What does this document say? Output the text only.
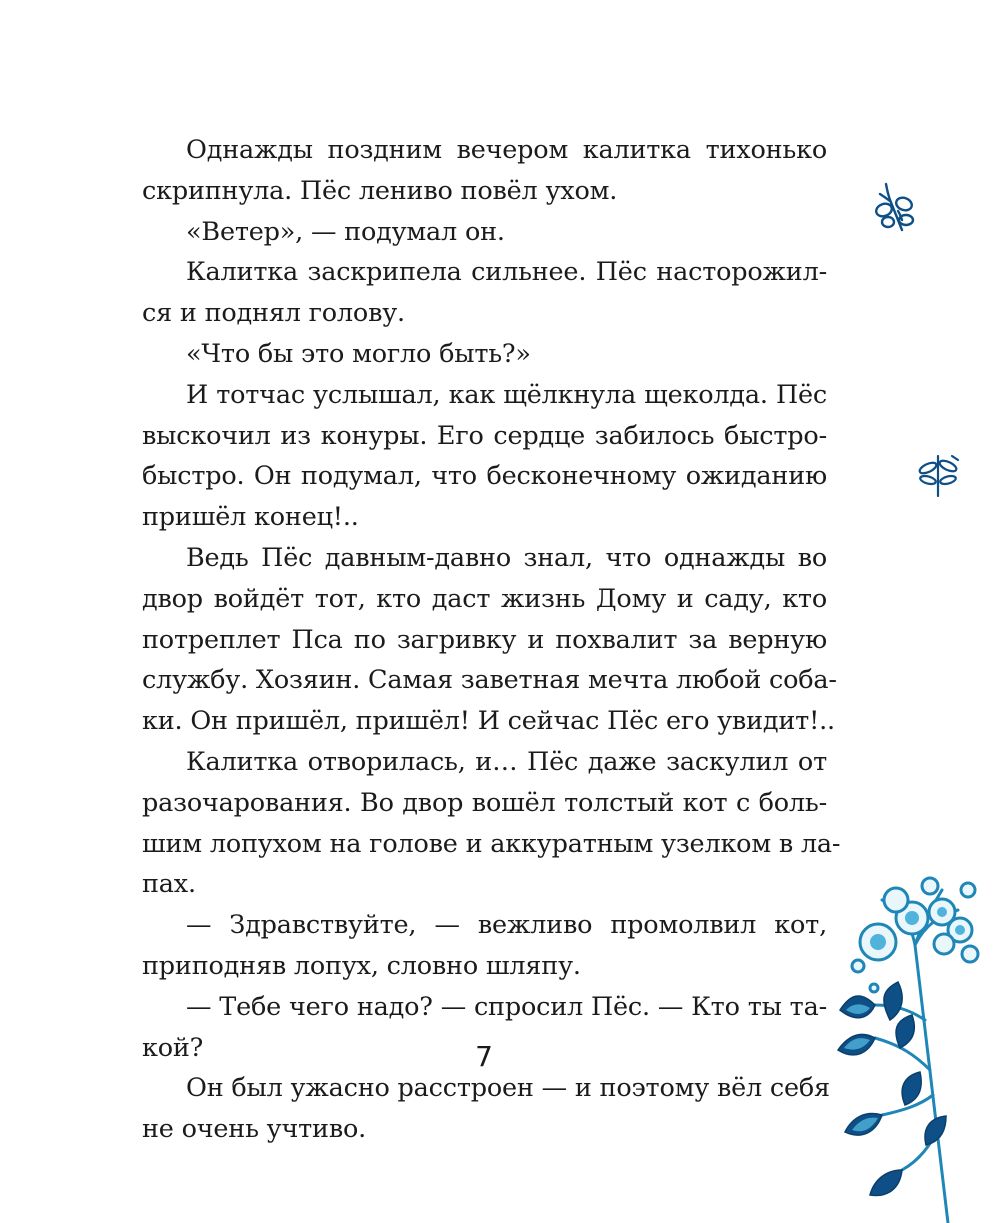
Однажды поздним вечером калитка тихонько
скрипнула. Пёс лениво повёл ухом.
«Ветер», — подумал он.
Калитка заскрипела сильнее. Пёс насторожил-
ся и поднял голову.
«Что бы это могло быть?»
И тотчас услышал, как щёлкнула щеколда. Пёс
выскочил из конуры. Его сердце забилось быстро-
быстро. Он подумал, что бесконечному ожиданию
пришёл конец!..
Ведь Пёс давным-давно знал, что однажды во
двор войдёт тот, кто даст жизнь Дому и саду, кто
потреплет Пса по загривку и похвалит за верную
службу. Хозяин. Самая заветная мечта любой соба-
ки. Он пришёл, пришёл! И сейчас Пёс его увидит!..
Калитка отворилась, и… Пёс даже заскулил от
разочарования. Во двор вошёл толстый кот с боль-
шим лопухом на голове и аккуратным узелком в ла-
пах.
— Здравствуйте, — вежливо промолвил кот,
приподняв лопух, словно шляпу.
— Тебе чего надо? — спросил Пёс. — Кто ты та-
кой?
Он был ужасно расстроен — и поэтому вёл себя
не очень учтиво.
7
